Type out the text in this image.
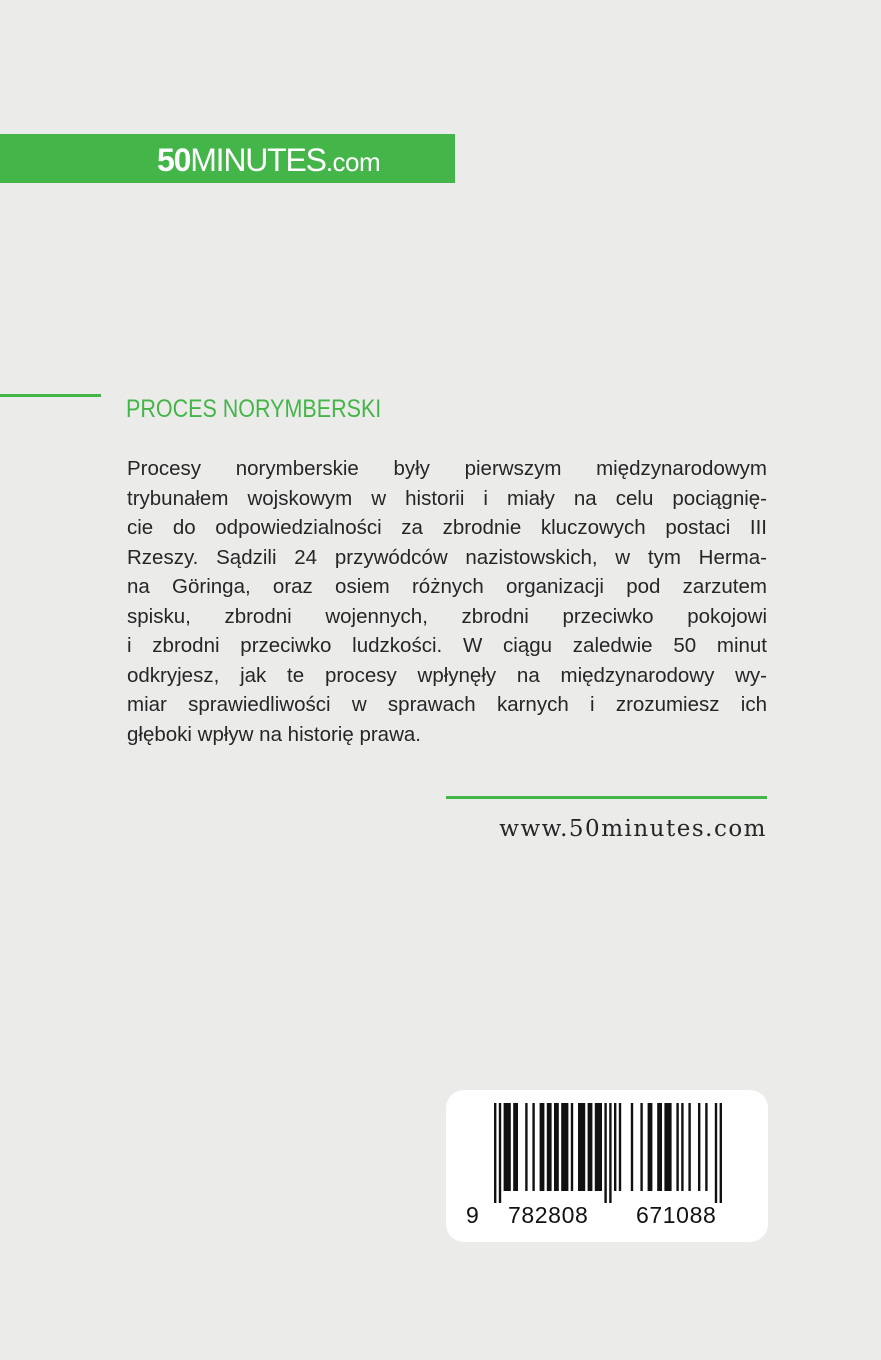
50MINUTES.com
PROCES NORYMBERSKI

Procesy norymberskie były pierwszym międzynarodowym
trybunałem wojskowym w historii i miały na celu pociągnię-
cie do odpowiedzialności za zbrodnie kluczowych postaci III
Rzeszy. Sądzili 24 przywódców nazistowskich, w tym Herma-
na Göringa, oraz osiem różnych organizacji pod zarzutem
spisku, zbrodni wojennych, zbrodni przeciwko pokojowi
i zbrodni przeciwko ludzkości. W ciągu zaledwie 50 minut
odkryjesz, jak te procesy wpłynęły na międzynarodowy wy-
miar sprawiedliwości w sprawach karnych i zrozumiesz ich
głęboki wpływ na historię prawa.

www.50minutes.com
9 782808 671088
